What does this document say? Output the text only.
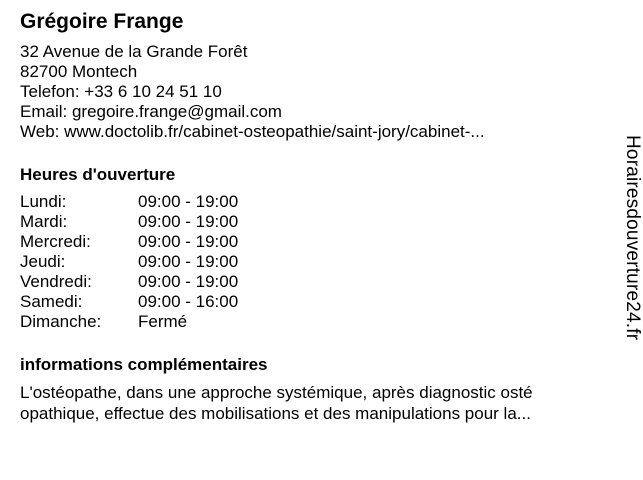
Grégoire Frange
32 Avenue de la Grande Forêt
82700 Montech
Telefon: +33 6 10 24 51 10
Email: gregoire.frange@gmail.com
Web: www.doctolib.fr/cabinet-osteopathie/saint-jory/cabinet-...
Heures d'ouverture
Lundi:	09:00 - 19:00
Mardi:	09:00 - 19:00
Mercredi:	09:00 - 19:00
Jeudi:	09:00 - 19:00
Vendredi:	09:00 - 19:00
Samedi:	09:00 - 16:00
Dimanche:	Fermé
informations complémentaires
L'ostéopathe, dans une approche systémique, après diagnostic osté
opathique, effectue des mobilisations et des manipulations pour la...
Horairesdouverture24.fr
